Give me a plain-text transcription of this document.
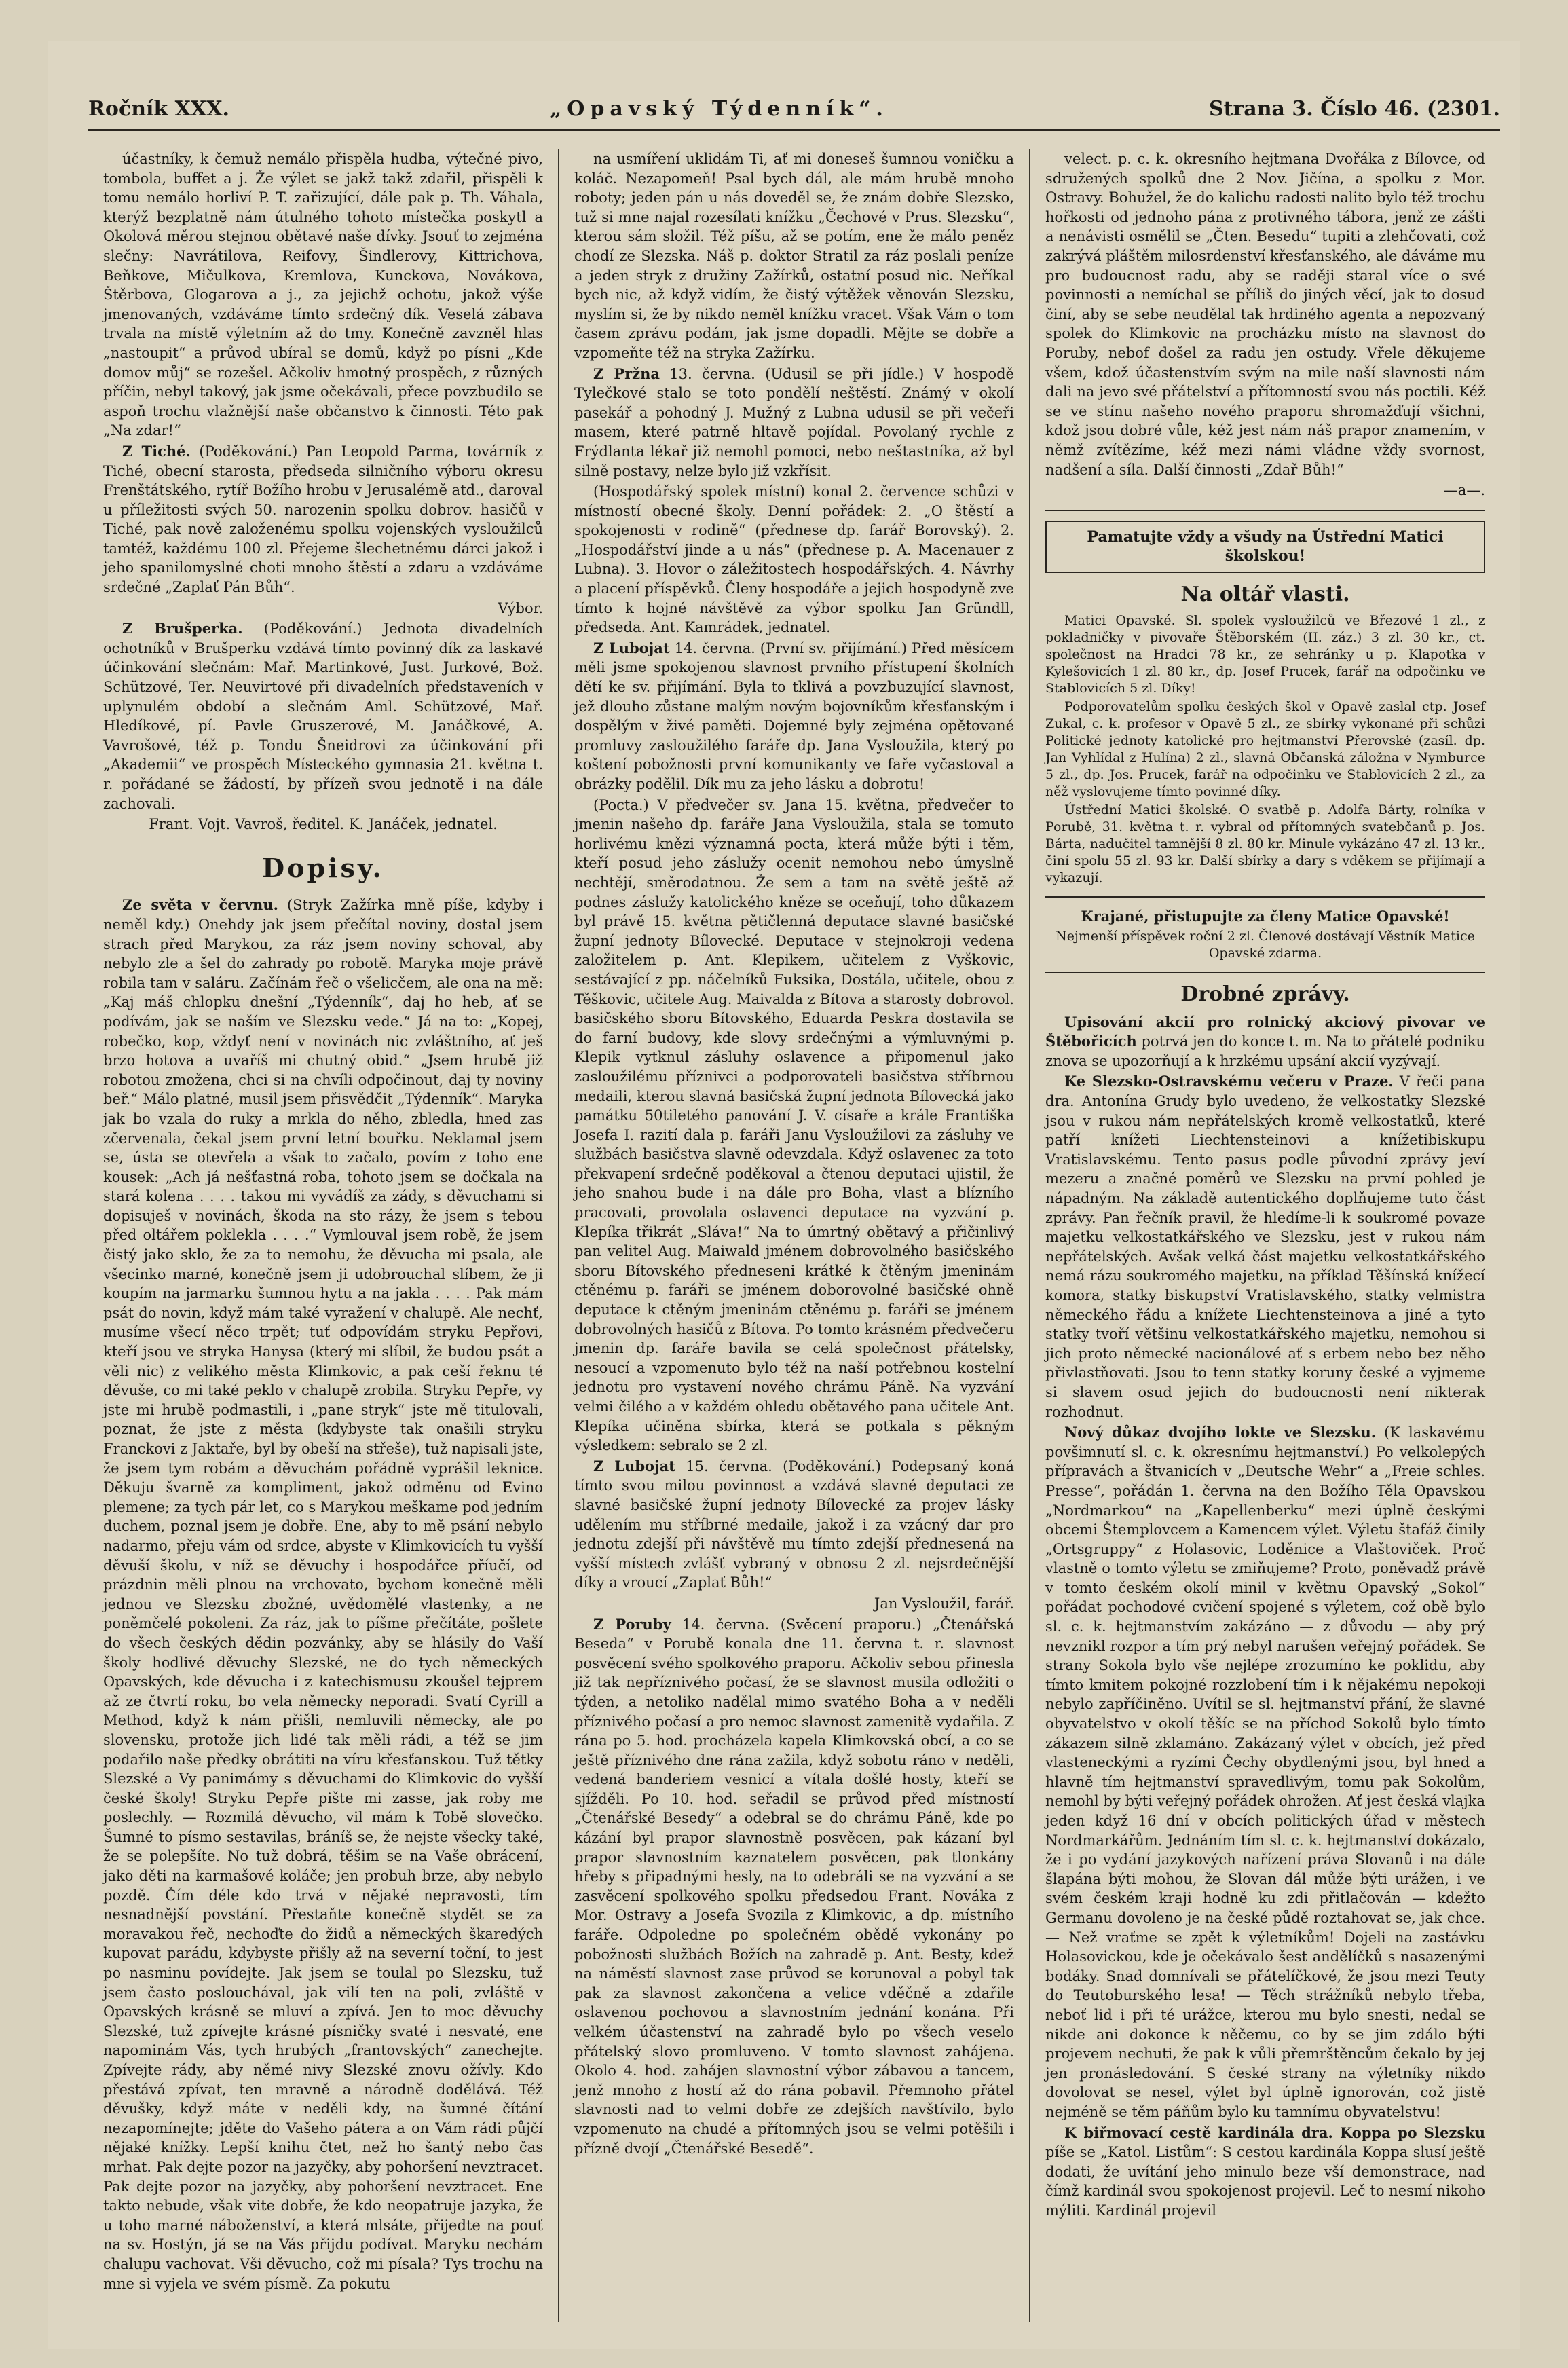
Ročník XXX.	„Opavský Týdenník“.	Strana 3. Číslo 46. (2301.

účastníky, k čemuž nemálo přispěla hudba, výtečné pivo, tombola, buffet a j. Že výlet se jakž takž zdařil, přispěli k tomu nemálo horliví P. T. zařizující, dále pak p. Th. Váhala, kterýž bezplatně nám útulného tohoto místečka poskytl a Okolová měrou stejnou obětavé naše dívky. Jsouť to zejména slečny: Navrátilova, Reifovy, Šindlerovy, Kittrichova, Beňkove, Mičulkova, Kremlova, Kunckova, Novákova, Štěrbova, Glogarova a j., za jejichž ochotu, jakož výše jmenovaných, vzdáváme tímto srdečný dík. Veselá zábava trvala na místě výletním až do tmy. Konečně zavzněl hlas „nastoupit“ a průvod ubíral se domů, když po písni „Kde domov můj“ se rozešel. Ačkoliv hmotný prospěch, z různých příčin, nebyl takový, jak jsme očekávali, přece povzbudilo se aspoň trochu vlažnější naše občanstvo k činnosti. Této pak „Na zdar!“

Z Tiché. (Poděkování.) Pan Leopold Parma, továrník z Tiché, obecní starosta, předseda silničního výboru okresu Frenštátského, rytíř Božího hrobu v Jerusalémě atd., daroval u příležitosti svých 50. narozenin spolku dobrov. hasičů v Tiché, pak nově založenému spolku vojenských vysloužilců tamtéž, každému 100 zl. Přejeme šlechetnému dárci jakož i jeho spanilomyslné choti mnoho štěstí a zdaru a vzdáváme srdečné „Zaplať Pán Bůh“.

Výbor.

Z Brušperka. (Poděkování.) Jednota divadelních ochotníků v Brušperku vzdává tímto povinný dík za laskavé účinkování slečnám: Mař. Martinkové, Just. Jurkové, Bož. Schützové, Ter. Neuvirtové při divadelních představeních v uplynulém období a slečnám Aml. Schützové, Mař. Hledíkové, pí. Pavle Gruszerové, M. Janáčkové, A. Vavrošové, též p. Tondu Šneidrovi za účinkování při „Akademii“ ve prospěch Místeckého gymnasia 21. května t. r. pořádané se žádostí, by přízeň svou jednotě i na dále zachovali.

Frant. Vojt. Vavroš, ředitel. K. Janáček, jednatel.

Dopisy.

Ze světa v červnu. (Stryk Zažírka mně píše, kdyby i neměl kdy.) Onehdy jak jsem přečítal noviny, dostal jsem strach před Marykou, za ráz jsem noviny schoval, aby nebylo zle a šel do zahrady po robotě. Maryka moje právě robila tam v saláru. Začínám řeč o všelicčem, ale ona na mě: „Kaj máš chlopku dnešní „Týdenník“, daj ho heb, ať se podívám, jak se naším ve Slezsku vede.“ Já na to: „Kopej, robečko, kop, vždyť není v novinách nic zvláštního, ať ješ brzo hotova a uvaříš mi chutný obid.“ „Jsem hrubě již robotou zmožena, chci si na chvíli odpočinout, daj ty noviny beř.“ Málo platné, musil jsem přisvědčit „Týdenník“. Maryka jak bo vzala do ruky a mrkla do něho, zbledla, hned zas zčervenala, čekal jsem první letní bouřku. Neklamal jsem se, ústa se otevřela a však to začalo, povím z toho ene kousek: „Ach já nešťastná roba, tohoto jsem se dočkala na stará kolena . . . . takou mi vyvádíš za zády, s děvuchami si dopisuješ v novinách, škoda na sto rázy, že jsem s tebou před oltářem poklekla . . . .“ Vymlouval jsem robě, že jsem čistý jako sklo, že za to nemohu, že děvucha mi psala, ale všecinko marné, konečně jsem ji udobrouchal slíbem, že ji koupím na jarmarku šumnou hytu a na jakla . . . . Pak mám psát do novin, když mám také vyražení v chalupě. Ale nechť, musíme všecí něco trpět; tuť odpovídám stryku Pepřovi, kteří jsou ve stryka Hanysa (který mi slíbil, že budou psát a věli nic) z velikého města Klimkovic, a pak ceší řeknu té děvuše, co mi také peklo v chalupě zrobila. Stryku Pepře, vy jste mi hrubě podmastili, i „pane stryk“ jste mě titulovali, poznat, že jste z města (kdybyste tak onašili stryku Franckovi z Jaktaře, byl by obeší na střeše), tuž napisali jste, že jsem tym robám a děvuchám pořádně vyprášil leknice. Děkuju švarně za kompliment, jakož odměnu od Evino plemene; za tych pár let, co s Marykou meškame pod jedním duchem, poznal jsem je dobře. Ene, aby to mě psání nebylo nadarmo, přeju vám od srdce, abyste v Klimkovicích tu vyšší děvuší školu, v níž se děvuchy i hospodářce příučí, od prázdnin měli plnou na vrchovato, bychom konečně měli jednou ve Slezsku zbožné, uvědomělé vlastenky, a ne poněmčelé pokoleni. Za ráz, jak to píšme přečítáte, pošlete do všech českých dědin pozvánky, aby se hlásily do Vaší školy hodlivé děvuchy Slezské, ne do tych německých Opavských, kde děvucha i z katechismusu zkoušel tejprem až ze čtvrtí roku, bo vela německy neporadi. Svatí Cyrill a Method, když k nám přišli, nemluvili německy, ale po slovensku, protože jich lidé tak měli rádi, a též se jim podařilo naše předky obrátiti na víru křesťanskou. Tuž tětky Slezské a Vy panimámy s děvuchami do Klimkovic do vyšší české školy! Stryku Pepře pište mi zasse, jak roby me poslechly. — Rozmilá děvucho, vil mám k Tobě slovečko. Šumné to písmo sestavilas, bráníš se, že nejste všecky také, že se polepšíte. No tuž dobrá, těšim se na Vaše obrácení, jako děti na karmašové koláče; jen probuh brze, aby nebylo pozdě. Čím déle kdo trvá v nějaké nepravosti, tím nesnadnější povstání. Přestaňte konečně stydět se za moravakou řeč, nechoďte do židů a německých škaredých kupovat parádu, kdybyste přišly až na severní toční, to jest po nasminu povídejte. Jak jsem se toulal po Slezsku, tuž jsem často poslouchával, jak vilí ten na poli, zvláště v Opavských krásně se mluví a zpívá. Jen to moc děvuchy Slezské, tuž zpívejte krásné písničky svaté i nesvaté, ene napominám Vás, tych hrubých „frantovských“ zanechejte. Zpívejte rády, aby němé nivy Slezské znovu ožívly. Kdo přestává zpívat, ten mravně a národně dodělává. Též děvušky, když máte v neděli kdy, na šumné čítání nezapomínejte; jděte do Vašeho pátera a on Vám rádi půjčí nějaké knížky. Lepší knihu čtet, než ho šantý nebo čas mrhat. Pak dejte pozor na jazyčky, aby pohoršení nevztracet. Pak dejte pozor na jazyčky, aby pohoršení nevztracet. Ene takto nebude, však vite dobře, že kdo neopatruje jazyka, že u toho marné náboženství, a která mlsáte, přijedte na pouť na sv. Hostýn, já se na Vás přijdu podívat. Maryku nechám chalupu vachovat. Vši děvucho, což mi písala? Tys trochu na mne si vyjela ve svém písmě. Za pokutu

na usmíření uklidám Ti, ať mi doneseš šumnou voničku a koláč. Nezapomeň! Psal bych dál, ale mám hrubě mnoho roboty; jeden pán u nás doveděl se, že znám dobře Slezsko, tuž si mne najal rozesílati knížku „Čechové v Prus. Slezsku“, kterou sám složil. Též píšu, až se potím, ene že málo peněz chodí ze Slezska. Náš p. doktor Stratil za ráz poslali peníze a jeden stryk z družiny Zažírků, ostatní posud nic. Neříkal bych nic, až když vidím, že čistý výtěžek věnován Slezsku, myslím si, že by nikdo neměl knížku vracet. Však Vám o tom časem zprávu podám, jak jsme dopadli. Mějte se dobře a vzpomeňte též na stryka Zažírku.

Z Pržna 13. června. (Udusil se při jídle.) V hospodě Tylečkové stalo se toto pondělí neštěstí. Známý v okolí pasekář a pohodný J. Mužný z Lubna udusil se při večeři masem, které patrně hltavě pojídal. Povolaný rychle z Frýdlanta lékař již nemohl pomoci, nebo neštastníka, až byl silně postavy, nelze bylo již vzkřísit.

(Hospodářský spolek místní) konal 2. července schůzi v místností obecné školy. Denní pořádek: 2. „O štěstí a spokojenosti v rodině“ (přednese dp. farář Borovský). 2. „Hospodářství jinde a u nás“ (přednese p. A. Macenauer z Lubna). 3. Hovor o záležitostech hospodářských. 4. Návrhy a placení příspěvků. Členy hospodáře a jejich hospodyně zve tímto k hojné návštěvě za výbor spolku Jan Gründll, předseda. Ant. Kamrádek, jednatel.

Z Lubojat 14. června. (První sv. přijímání.) Před měsícem měli jsme spokojenou slavnost prvního přístupení školních dětí ke sv. přijímání. Byla to tklivá a povzbuzující slavnost, jež dlouho zůstane malým novým bojovníkům křesťanským i dospělým v živé paměti. Dojemné byly zejména opětované promluvy zasloužilého faráře dp. Jana Vysloužila, který po koštení pobožnosti první komunikanty ve faře vyčastoval a obrázky podělil. Dík mu za jeho lásku a dobrotu!

(Pocta.) V předvečer sv. Jana 15. května, předvečer to jmenin našeho dp. faráře Jana Vysloužila, stala se tomuto horlivému knězi významná pocta, která může býti i těm, kteří posud jeho záslužy ocenit nemohou nebo úmyslně nechtějí, směrodatnou. Že sem a tam na světě ještě až podnes záslužy katolického kněze se oceňují, toho důkazem byl právě 15. května pětičlenná deputace slavné basičské župní jednoty Bílovecké. Deputace v stejnokroji vedena založitelem p. Ant. Klepikem, učitelem z Vyškovic, sestávající z pp. náčelníků Fuksika, Dostála, učitele, obou z Těškovic, učitele Aug. Maivalda z Bítova a starosty dobrovol. basičského sboru Bítovského, Eduarda Peskra dostavila se do farní budovy, kde slovy srdečnými a výmluvnými p. Klepik vytknul zásluhy oslavence a připomenul jako zasloužilému příznivci a podporovateli basičstva stříbrnou medaili, kterou slavná basičská župní jednota Bílovecká jako památku 50tiletého panování J. V. císaře a krále Františka Josefa I. razití dala p. faráři Janu Vysloužilovi za zásluhy ve službách basičstva slavně odevzdala. Když oslavenec za toto překvapení srdečně poděkoval a čtenou deputaci ujistil, že jeho snahou bude i na dále pro Boha, vlast a blízního pracovati, provolala oslavenci deputace na vyzvání p. Klepíka třikrát „Sláva!“ Na to úmrtný obětavý a přičinlivý pan velitel Aug. Maiwald jménem dobrovolného basičského sboru Bítovského předneseni krátké k čtěným jmeninám ctěnému p. faráři se jménem doborovolné basičské ohně deputace k ctěným jmeninám ctěnému p. faráři se jménem dobrovolných hasičů z Bítova. Po tomto krásném předvečeru jmenin dp. faráře bavila se celá společnost přátelsky, nesoucí a vzpomenuto bylo též na naší potřebnou kostelní jednotu pro vystavení nového chrámu Páně. Na vyzvání velmi čilého a v každém ohledu obětavého pana učitele Ant. Klepíka učiněna sbírka, která se potkala s pěkným výsledkem: sebralo se 2 zl.

Z Lubojat 15. června. (Poděkování.) Podepsaný koná tímto svou milou povinnost a vzdává slavné deputaci ze slavné basičské župní jednoty Bílovecké za projev lásky udělením mu stříbrné medaile, jakož i za vzácný dar pro jednotu zdejší při návštěvě mu tímto zdejší přednesená na vyšší místech zvlášť vybraný v obnosu 2 zl. nejsrdečnější díky a vroucí „Zaplať Bůh!“

Jan Vysloužil, farář.

Z Poruby 14. června. (Svěcení praporu.) „Čtenářská Beseda“ v Porubě konala dne 11. června t. r. slavnost posvěcení svého spolkového praporu. Ačkoliv sebou přinesla již tak nepříznivého počasí, že se slavnost musila odložiti o týden, a netoliko nadělal mimo svatého Boha a v neděli příznivého počasí a pro nemoc slavnost zamenitě vydařila. Z rána po 5. hod. procházela kapela Klimkovská obcí, a co se ještě příznivého dne rána zažila, když sobotu ráno v neděli, vedená banderiem vesnicí a vítala došlé hosty, kteří se sjížděli. Po 10. hod. seřadil se průvod před místností „Čtenářské Besedy“ a odebral se do chrámu Páně, kde po kázání byl prapor slavnostně posvěcen, pak kázaní byl prapor slavnostním kaznatelem posvěcen, pak tlonkány hřeby s připadnými hesly, na to odebráli se na vyzvání a se zasvěcení spolkového spolku předsedou Frant. Nováka z Mor. Ostravy a Josefa Svozila z Klimkovic, a dp. místního faráře. Odpoledne po společném obědě vykonány po pobožnosti službách Božích na zahradě p. Ant. Besty, kdež na náměstí slavnost zase průvod se korunoval a pobyl tak pak za slavnost zakončena a velice vděčně a zdařile oslavenou pochovou a slavnostním jednání konána. Při velkém účastenství na zahradě bylo po všech veselo přátelský slovo promluveno. V tomto slavnost zahájena. Okolo 4. hod. zahájen slavnostní výbor zábavou a tancem, jenž mnoho z hostí až do rána pobavil. Přemnoho přátel slavnosti nad to velmi dobře ze zdejších navštívilo, bylo vzpomenuto na chudé a přítomných jsou se velmi potěšili i přízně dvojí „Čtenářské Besedě“.

velect. p. c. k. okresního hejtmana Dvořáka z Bílovce, od sdružených spolků dne 2 Nov. Jičína, a spolku z Mor. Ostravy. Bohužel, že do kalichu radosti nalito bylo též trochu hořkosti od jednoho pána z protivného tábora, jenž ze zášti a nenávisti osmělil se „Čten. Besedu“ tupiti a zlehčovati, což zakrývá pláštěm milosrdenství křesťanského, ale dáváme mu pro budoucnost radu, aby se raději staral více o své povinnosti a nemíchal se příliš do jiných věcí, jak to dosud činí, aby se sebe neudělal tak hrdiného agenta a nepozvaný spolek do Klimkovic na procházku místo na slavnost do Poruby, nebof došel za radu jen ostudy. Vřele děkujeme všem, kdož účastenstvím svým na mile naší slavnosti nám dali na jevo své přátelství a přítomností svou nás poctili. Kéž se ve stínu našeho nového praporu shromažďují všichni, kdož jsou dobré vůle, kéž jest nám náš prapor znamením, v němž zvítězíme, kéž mezi námi vládne vždy svornost, nadšení a síla. Další činnosti „Zdař Bůh!“

—a—.

Pamatujte vždy a všudy na Ústřední Matici školskou!
Na oltář vlasti.

Matici Opavské. Sl. spolek vysloužilců ve Březové 1 zl., z pokladničky v pivovaře Štěborském (II. záz.) 3 zl. 30 kr., ct. společnost na Hradci 78 kr., ze sehránky u p. Klapotka v Kylešovicích 1 zl. 80 kr., dp. Josef Prucek, farář na odpočinku ve Stablovicích 5 zl. Díky!

Podporovatelům spolku českých škol v Opavě zaslal ctp. Josef Zukal, c. k. profesor v Opavě 5 zl., ze sbírky vykonané při schůzi Politické jednoty katolické pro hejtmanství Přerovské (zasíl. dp. Jan Vyhlídal z Hulína) 2 zl., slavná Občanská záložna v Nymburce 5 zl., dp. Jos. Prucek, farář na odpočinku ve Stablovicích 2 zl., za něž vyslovujeme tímto povinné díky.

Ústřední Matici školské. O svatbě p. Adolfa Bárty, rolníka v Porubě, 31. května t. r. vybral od přítomných svatebčanů p. Jos. Bárta, nadučitel tamnější 8 zl. 80 kr. Minule vykázáno 47 zl. 13 kr., činí spolu 55 zl. 93 kr. Další sbírky a dary s vděkem se přijímají a vykazují.

Krajané, přistupujte za členy Matice Opavské!

Nejmenší příspěvek roční 2 zl. Členové dostávají Věstník Matice Opavské zdarma.

Drobné zprávy.

Upisování akcií pro rolnický akciový pivovar ve Štěbořicích potrvá jen do konce t. m. Na to přátelé podniku znova se upozorňují a k hrzkému upsání akcií vyzývají.

Ke Slezsko-Ostravskému večeru v Praze. V řeči pana dra. Antonína Grudy bylo uvedeno, že velkostatky Slezské jsou v rukou nám nepřátelských kromě velkostatků, které patří knížeti Liechtensteinovi a knížetibiskupu Vratislavskému. Tento pasus podle původní zprávy jeví mezeru a značné poměrů ve Slezsku na první pohled je nápadným. Na základě autentického doplňujeme tuto část zprávy. Pan řečník pravil, že hledíme-li k soukromé povaze majetku velkostatkářského ve Slezsku, jest v rukou nám nepřátelských. Avšak velká část majetku velkostatkářského nemá rázu soukromého majetku, na příklad Těšínská knížecí komora, statky biskupství Vratislavského, statky velmistra německého řádu a knížete Liechtensteinova a jiné a tyto statky tvoří většinu velkostatkářského majetku, nemohou si jich proto německé nacionálové ať s erbem nebo bez něho přivlastňovati. Jsou to tenn statky koruny české a vyjmeme si slavem osud jejich do budoucnosti není nikterak rozhodnut.

Nový důkaz dvojího lokte ve Slezsku. (K laskavému povšimnutí sl. c. k. okresnímu hejtmanství.) Po velkolepých přípravách a štvanicích v „Deutsche Wehr“ a „Freie schles. Presse“, pořádán 1. června na den Božího Těla Opavskou „Nordmarkou“ na „Kapellenberku“ mezi úplně českými obcemi Štemplovcem a Kamencem výlet. Výletu štafáž činily „Ortsgruppy“ z Holasovic, Loděnice a Vlaštoviček. Proč vlastně o tomto výletu se zmiňujeme? Proto, poněvadž právě v tomto českém okolí minil v květnu Opavský „Sokol“ pořádat pochodové cvičení spojené s výletem, což obě bylo sl. c. k. hejtmanstvím zakázáno — z důvodu — aby prý nevznikl rozpor a tím prý nebyl narušen veřejný pořádek. Se strany Sokola bylo vše nejlépe zrozumíno ke poklidu, aby tímto kmitem pokojné rozzlobení tím i k nějakému nepokoji nebylo zapříčiněno. Uvítil se sl. hejtmanství přání, že slavné obyvatelstvo v okolí těšíc se na příchod Sokolů bylo tímto zákazem silně zklamáno. Zakázaný výlet v obcích, jež před vlasteneckými a ryzími Čechy obydlenými jsou, byl hned a hlavně tím hejtmanství spravedlivým, tomu pak Sokolům, nemohl by býti veřejný pořádek ohrožen. Ať jest česká vlajka jeden když 16 dní v obcích politických úřad v městech Nordmarkářům. Jednáním tím sl. c. k. hejtmanství dokázalo, že i po vydání jazykových nařízení práva Slovanů i na dále šlapána býti mohou, že Slovan dál může býti urážen, i ve svém českém kraji hodně ku zdi přitlačován — kdežto Germanu dovoleno je na české půdě roztahovat se, jak chce. — Než vraťme se zpět k výletníkům! Dojeli na zastávku Holasovickou, kde je očekávalo šest andělíčků s nasazenými bodáky. Snad domnívali se přátelíčkové, že jsou mezi Teuty do Teutoburského lesa! — Těch strážníků nebylo třeba, neboť lid i při té urážce, kterou mu bylo snesti, nedal se nikde ani dokonce k něčemu, co by se jim zdálo býti projevem nechuti, že pak k vůli přemrštěncům čekalo by jej jen pronásledování. S české strany na výletníky nikdo dovolovat se nesel, výlet byl úplně ignorován, což jistě nejméně se těm páňům bylo ku tamnímu obyvatelstvu!

K biřmovací cestě kardinála dra. Koppa po Slezsku píše se „Katol. Listům“: S cestou kardinála Koppa slusí ještě dodati, že uvítání jeho minulo beze vší demonstrace, nad čímž kardinál svou spokojenost projevil. Leč to nesmí nikoho mýliti. Kardinál projevil
